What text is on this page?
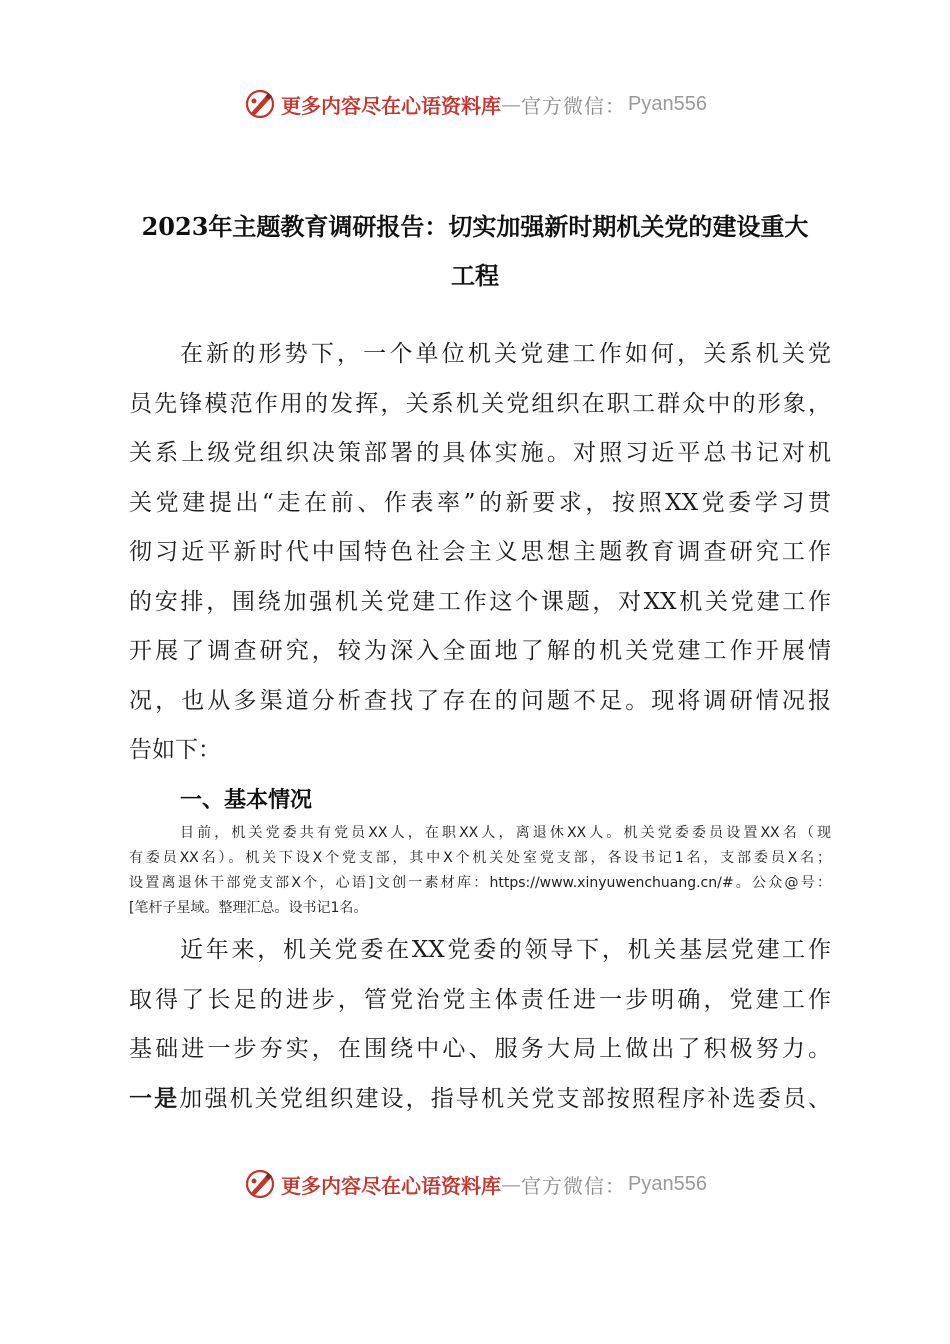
更多内容尽在心语资料库 — 官方微信： Pyan556
2023年主题教育调研报告：切实加强新时期机关党的建设重大
工程
在新的形势下，一个单位机关党建工作如何，关系机关党
员先锋模范作用的发挥，关系机关党组织在职工群众中的形象，
关系上级党组织决策部署的具体实施。对照习近平总书记对机
关党建提出“走在前、作表率”的新要求，按照XX党委学习贯
彻习近平新时代中国特色社会主义思想主题教育调查研究工作
的安排，围绕加强机关党建工作这个课题，对XX机关党建工作
开展了调查研究，较为深入全面地了解的机关党建工作开展情
况，也从多渠道分析查找了存在的问题不足。现将调研情况报
告如下：
一、基本情况
目前，机关党委共有党员XX人，在职XX人，离退休XX人。机关党委委员设置XX名（现
有委员XX名）。机关下设X个党支部，其中X个机关处室党支部，各设书记1名，支部委员X名；
设置离退休干部党支部X个，心语]文创一素材库：https://www.xinyuwenchuang.cn/#。公众@号：
[笔杆子星域。整理汇总。设书记1名。
近年来，机关党委在XX党委的领导下，机关基层党建工作
取得了长足的进步，管党治党主体责任进一步明确，党建工作
基础进一步夯实，在围绕中心、服务大局上做出了积极努力。
一是加强机关党组织建设，指导机关党支部按照程序补选委员、
更多内容尽在心语资料库 — 官方微信： Pyan556
